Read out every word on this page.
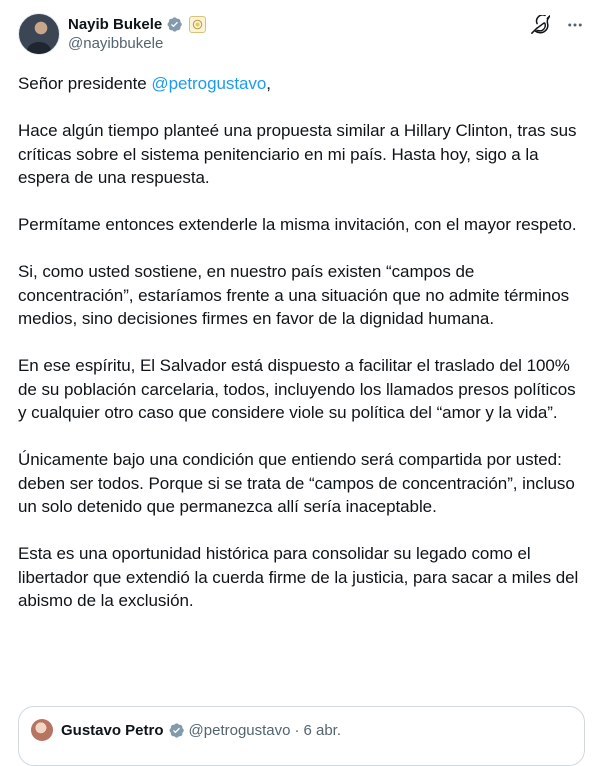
Nayib Bukele
@nayibbukele

Señor presidente @petrogustavo,

Hace algún tiempo planteé una propuesta similar a Hillary Clinton, tras sus críticas sobre el sistema penitenciario en mi país. Hasta hoy, sigo a la espera de una respuesta.

Permítame entonces extenderle la misma invitación, con el mayor respeto.

Si, como usted sostiene, en nuestro país existen “campos de concentración”, estaríamos frente a una situación que no admite términos medios, sino decisiones firmes en favor de la dignidad humana.

En ese espíritu, El Salvador está dispuesto a facilitar el traslado del 100% de su población carcelaria, todos, incluyendo los llamados presos políticos y cualquier otro caso que considere viole su política del “amor y la vida”.

Únicamente bajo una condición que entiendo será compartida por usted: deben ser todos. Porque si se trata de “campos de concentración”, incluso un solo detenido que permanezca allí sería inaceptable.

Esta es una oportunidad histórica para consolidar su legado como el libertador que extendió la cuerda firme de la justicia, para sacar a miles del abismo de la exclusión.

Gustavo Petro @petrogustavo · 6 abr.
